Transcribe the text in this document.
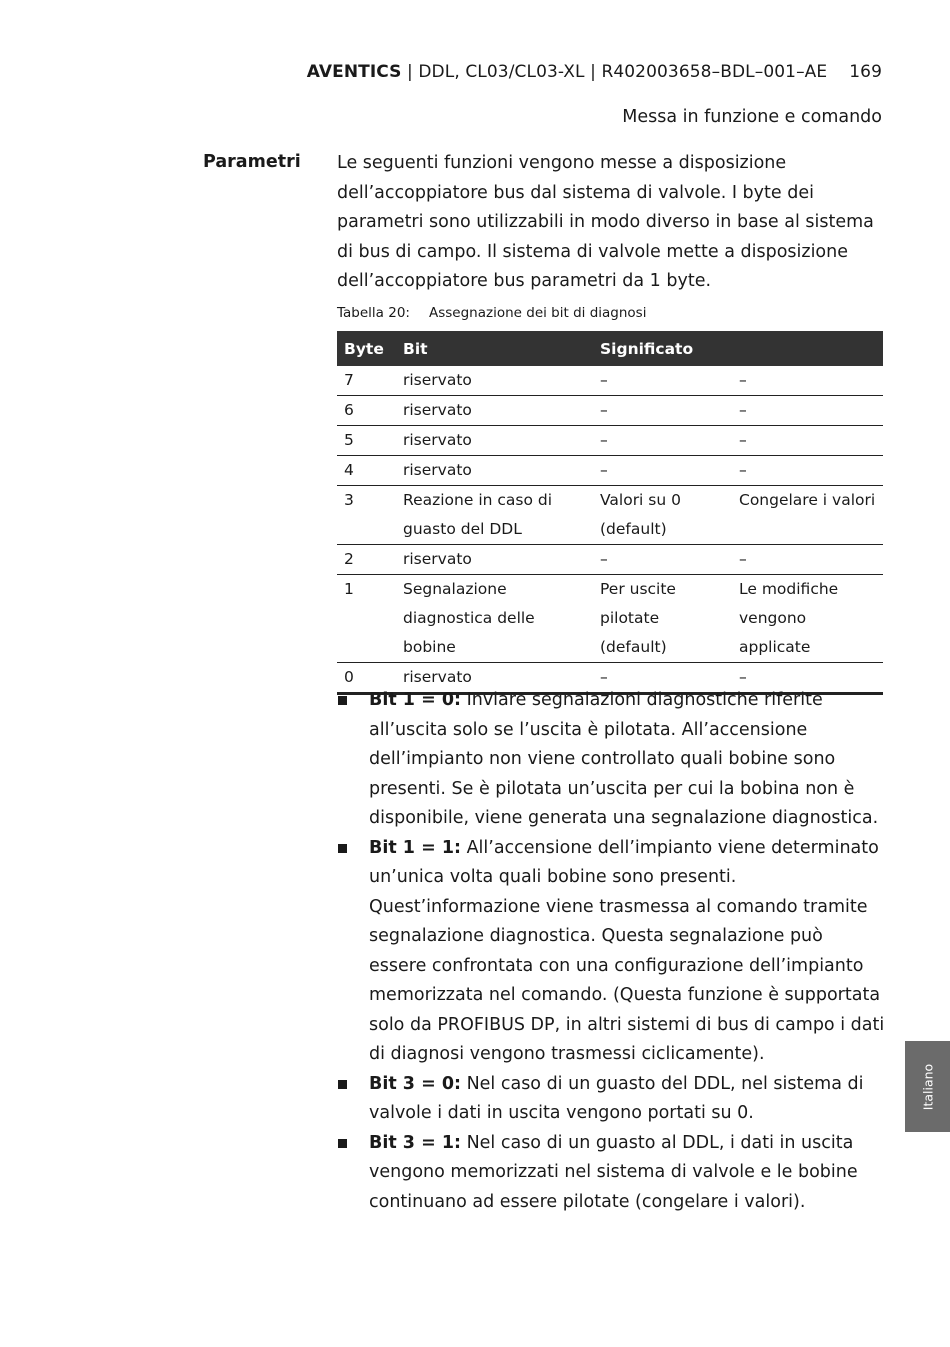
AVENTICS | DDL, CL03/CL03-XL | R402003658–BDL–001–AE 169
Messa in funzione e comando
Parametri Le seguenti funzioni vengono messe a disposizione dell’accoppiatore bus dal sistema di valvole. I byte dei parametri sono utilizzabili in modo diverso in base al sistema di bus di campo. Il sistema di valvole mette a disposizione dell’accoppiatore bus parametri da 1 byte.
Tabella 20: Assegnazione dei bit di diagnosi
Byte	Bit	Significato	
7	riservato	–	–
6	riservato	–	–
5	riservato	–	–
4	riservato	–	–
3	Reazione in caso di guasto del DDL	Valori su 0 (default)	Congelare i valori
2	riservato	–	–
1	Segnalazione diagnostica delle bobine	Per uscite pilotate (default)	Le modifiche vengono applicate
0	riservato	–	–
Bit 1 = 0: Inviare segnalazioni diagnostiche riferite all’uscita solo se l’uscita è pilotata. All’accensione dell’impianto non viene controllato quali bobine sono presenti. Se è pilotata un’uscita per cui la bobina non è disponibile, viene generata una segnalazione diagnostica.
Bit 1 = 1: All’accensione dell’impianto viene determinato un’unica volta quali bobine sono presenti. Quest’informazione viene trasmessa al comando tramite segnalazione diagnostica. Questa segnalazione può essere confrontata con una configurazione dell’impianto memorizzata nel comando. (Questa funzione è supportata solo da PROFIBUS DP, in altri sistemi di bus di campo i dati di diagnosi vengono trasmessi ciclicamente).
Bit 3 = 0: Nel caso di un guasto del DDL, nel sistema di valvole i dati in uscita vengono portati su 0.
Bit 3 = 1: Nel caso di un guasto al DDL, i dati in uscita vengono memorizzati nel sistema di valvole e le bobine continuano ad essere pilotate (congelare i valori).
Italiano
